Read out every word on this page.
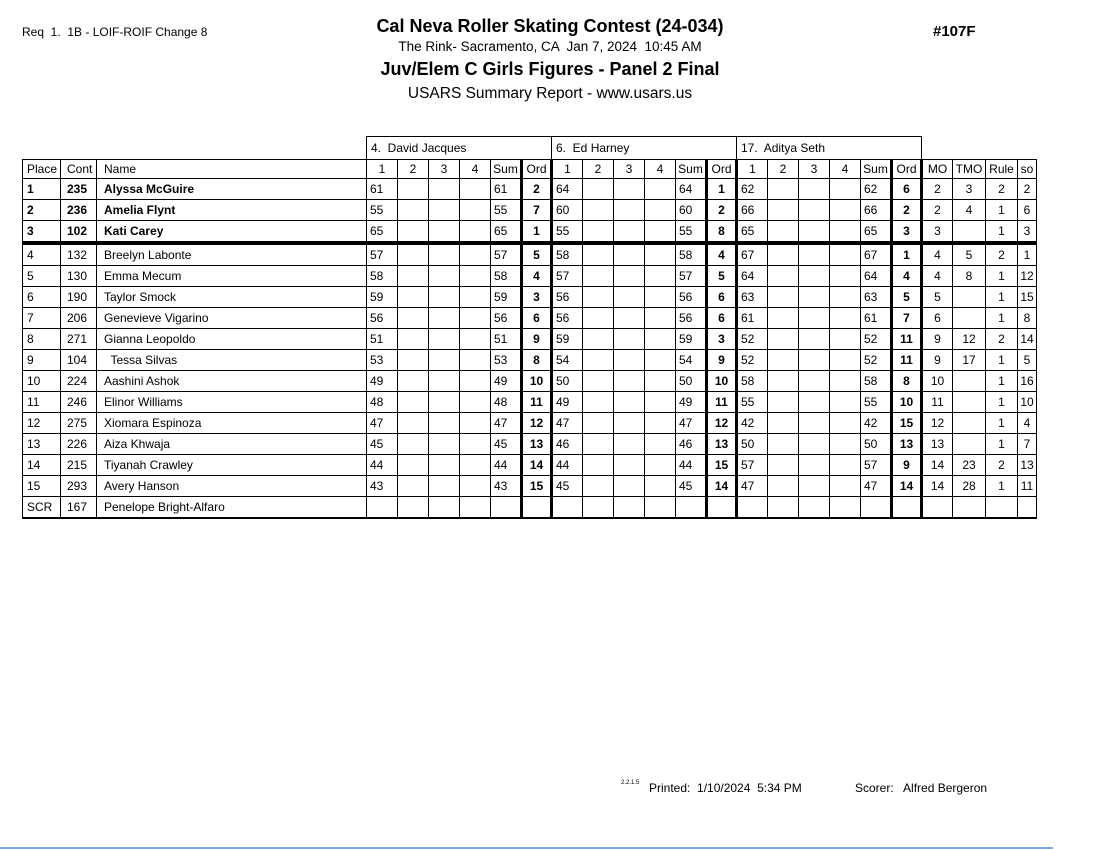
Req  1.  1B - LOIF-ROIF Change 8	Cal Neva Roller Skating Contest (24-034)
The Rink- Sacramento, CA  Jan 7, 2024  10:45 AM
Juv/Elem C Girls Figures - Panel 2 Final
USARS Summary Report - www.usars.us
#107F
			4.  David Jacques						6.  Ed Harney						17.  Aditya Seth									
Place	Cont	Name	1	2	3	4	Sum	Ord	1	2	3	4	Sum	Ord	1	2	3	4	Sum	Ord	MO	TMO	Rule	so
1	235	Alyssa McGuire	61				61	2	64				64	1	62				62	6	2	3	2	2
2	236	Amelia Flynt	55				55	7	60				60	2	66				66	2	2	4	1	6
3	102	Kati Carey	65				65	1	55				55	8	65				65	3	3		1	3
4	132	Breelyn Labonte	57				57	5	58				58	4	67				67	1	4	5	2	1
5	130	Emma Mecum	58				58	4	57				57	5	64				64	4	4	8	1	12
6	190	Taylor Smock	59				59	3	56				56	6	63				63	5	5		1	15
7	206	Genevieve Vigarino	56				56	6	56				56	6	61				61	7	6		1	8
8	271	Gianna Leopoldo	51				51	9	59				59	3	52				52	11	9	12	2	14
9	104	Tessa Silvas	53				53	8	54				54	9	52				52	11	9	17	1	5
10	224	Aashini Ashok	49				49	10	50				50	10	58				58	8	10		1	16
11	246	Elinor Williams	48				48	11	49				49	11	55				55	10	11		1	10
12	275	Xiomara Espinoza	47				47	12	47				47	12	42				42	15	12		1	4
13	226	Aiza Khwaja	45				45	13	46				46	13	50				50	13	13		1	7
14	215	Tiyanah Crawley	44				44	14	44				44	15	57				57	9	14	23	2	13
15	293	Avery Hanson	43				43	15	45				45	14	47				47	14	14	28	1	11
SCR	167	Penelope Bright-Alfaro																						
2.2.1.5 Printed:  1/10/2024  5:34 PM	Scorer:   Alfred Bergeron
